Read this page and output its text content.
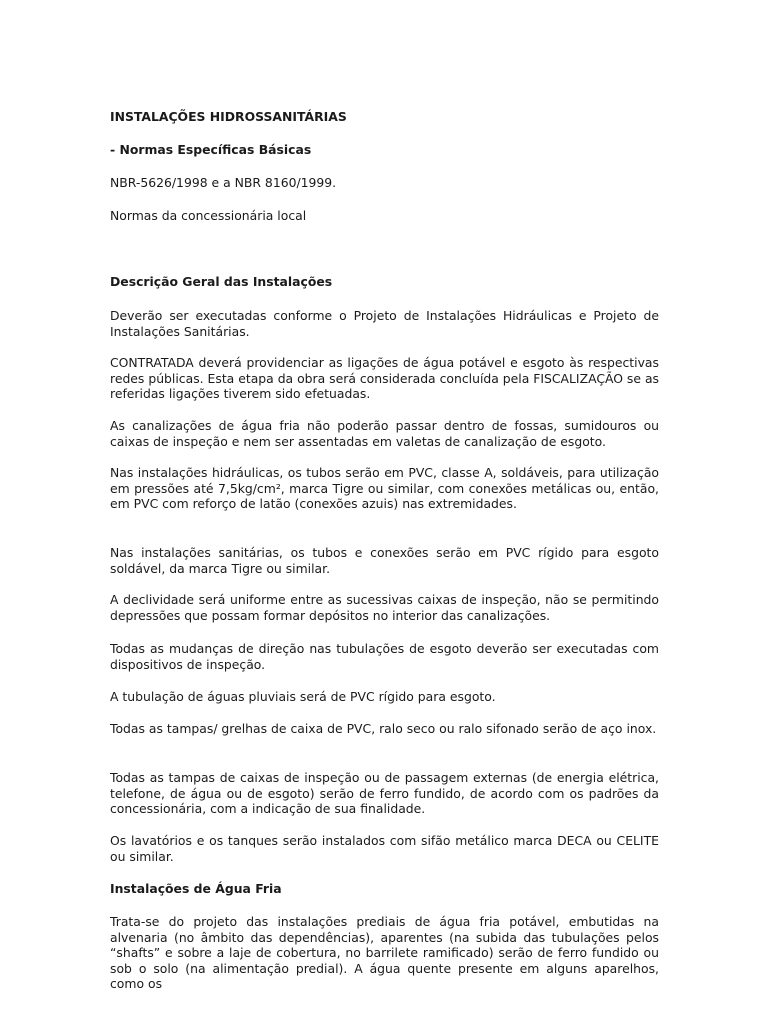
INSTALAÇÕES HIDROSSANITÁRIAS

- Normas Específicas Básicas

NBR-5626/1998 e a NBR 8160/1999.

Normas da concessionária local

Descrição Geral das Instalações

Deverão ser executadas conforme o Projeto de Instalações Hidráulicas e Projeto de Instalações Sanitárias.

CONTRATADA deverá providenciar as ligações de água potável e esgoto às respectivas redes públicas. Esta etapa da obra será considerada concluída pela FISCALIZAÇÃO se as referidas ligações tiverem sido efetuadas.

As canalizações de água fria não poderão passar dentro de fossas, sumidouros ou caixas de inspeção e nem ser assentadas em valetas de canalização de esgoto.

Nas instalações hidráulicas, os tubos serão em PVC, classe A, soldáveis, para utilização em pressões até 7,5kg/cm², marca Tigre ou similar, com conexões metálicas ou, então, em PVC com reforço de latão (conexões azuis) nas extremidades.

Nas instalações sanitárias, os tubos e conexões serão em PVC rígido para esgoto soldável, da marca Tigre ou similar.

A declividade será uniforme entre as sucessivas caixas de inspeção, não se permitindo depressões que possam formar depósitos no interior das canalizações.

Todas as mudanças de direção nas tubulações de esgoto deverão ser executadas com dispositivos de inspeção.

A tubulação de águas pluviais será de PVC rígido para esgoto.

Todas as tampas/ grelhas de caixa de PVC, ralo seco ou ralo sifonado serão de aço inox.

Todas as tampas de caixas de inspeção ou de passagem externas (de energia elétrica, telefone, de água ou de esgoto) serão de ferro fundido, de acordo com os padrões da concessionária, com a indicação de sua finalidade.

Os lavatórios e os tanques serão instalados com sifão metálico marca DECA ou CELITE ou similar.

Instalações de Água Fria

Trata-se do projeto das instalações prediais de água fria potável, embutidas na alvenaria (no âmbito das dependências), aparentes (na subida das tubulações pelos “shafts” e sobre a laje de cobertura, no barrilete ramificado) serão de ferro fundido ou sob o solo (na alimentação predial). A água quente presente em alguns aparelhos, como os
